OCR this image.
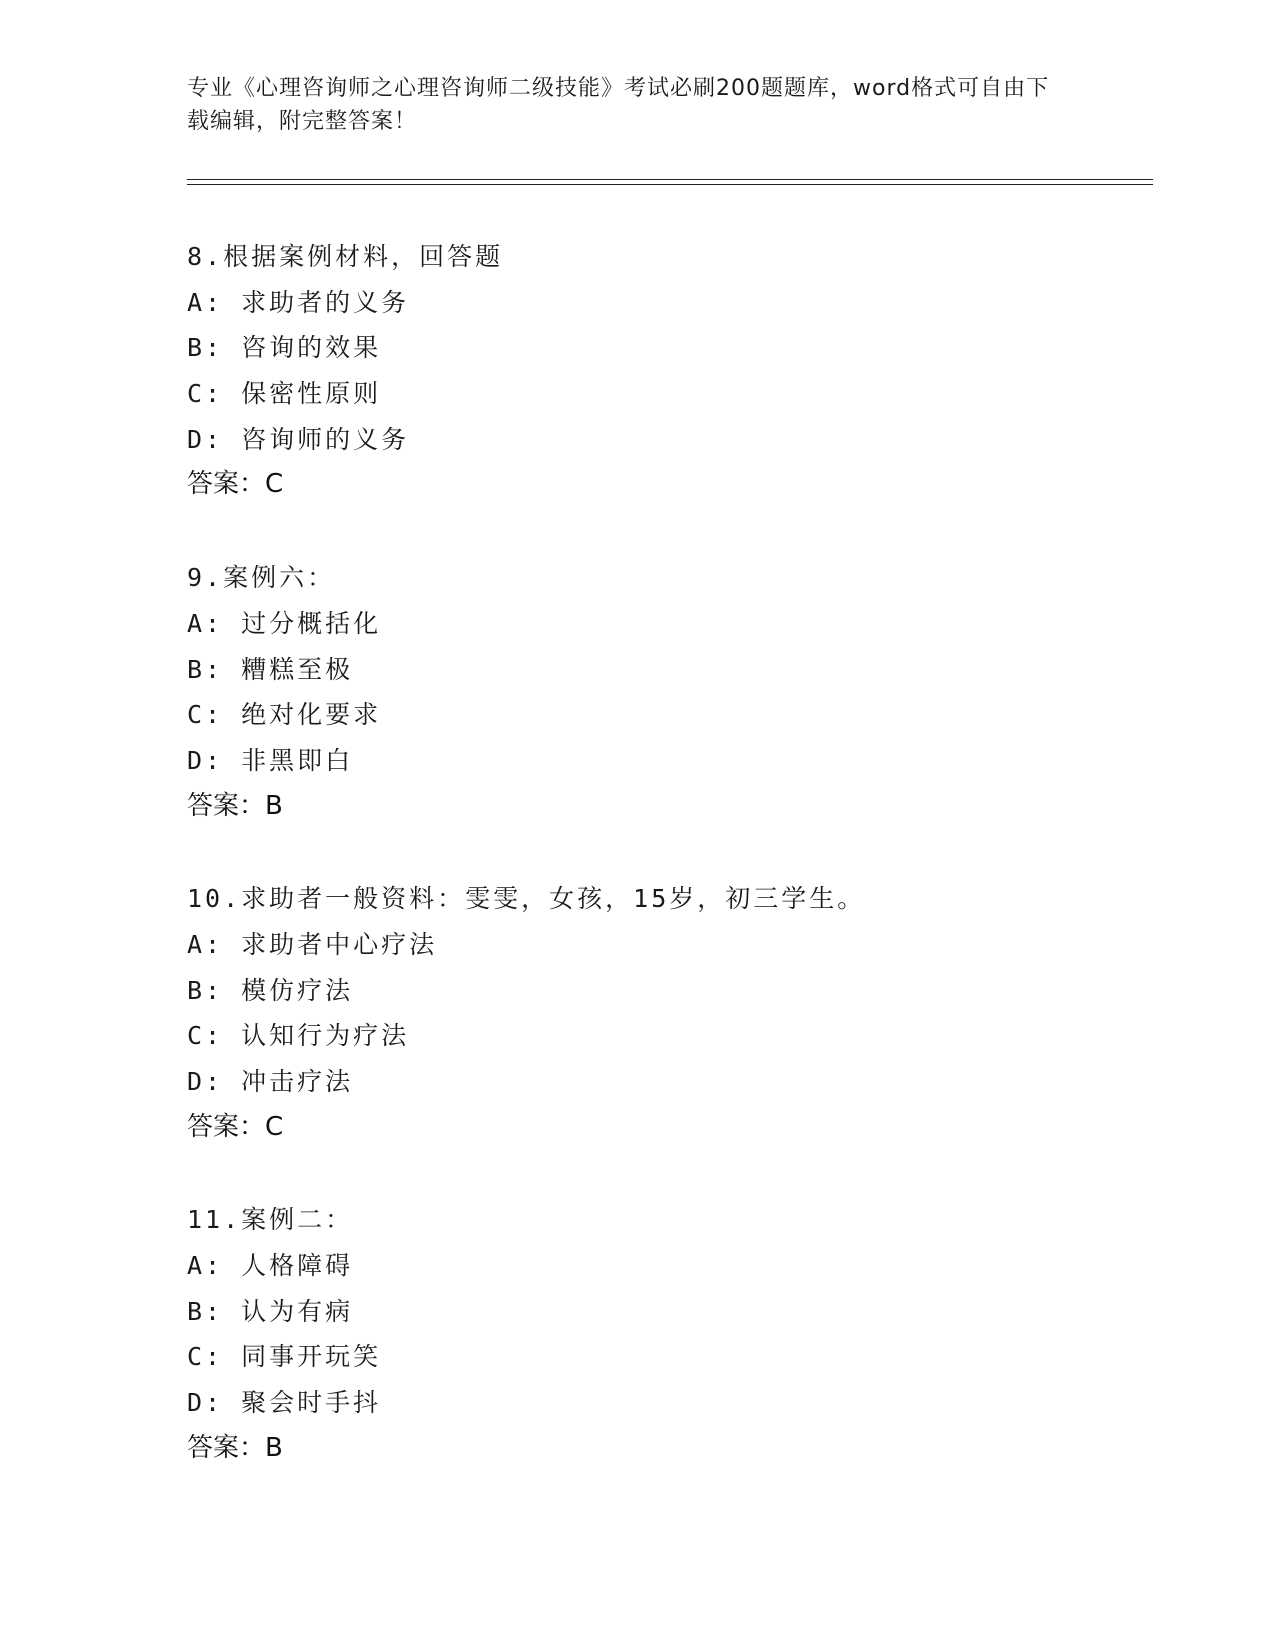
专业《心理咨询师之心理咨询师二级技能》考试必刷200题题库，word格式可自由下载编辑，附完整答案！
8.根据案例材料，回答题
A: 求助者的义务
B: 咨询的效果
C: 保密性原则
D: 咨询师的义务
答案：C
9.案例六：
A: 过分概括化
B: 糟糕至极
C: 绝对化要求
D: 非黑即白
答案：B
10.求助者一般资料：雯雯，女孩，15岁，初三学生。
A: 求助者中心疗法
B: 模仿疗法
C: 认知行为疗法
D: 冲击疗法
答案：C
11.案例二：
A: 人格障碍
B: 认为有病
C: 同事开玩笑
D: 聚会时手抖
答案：B
